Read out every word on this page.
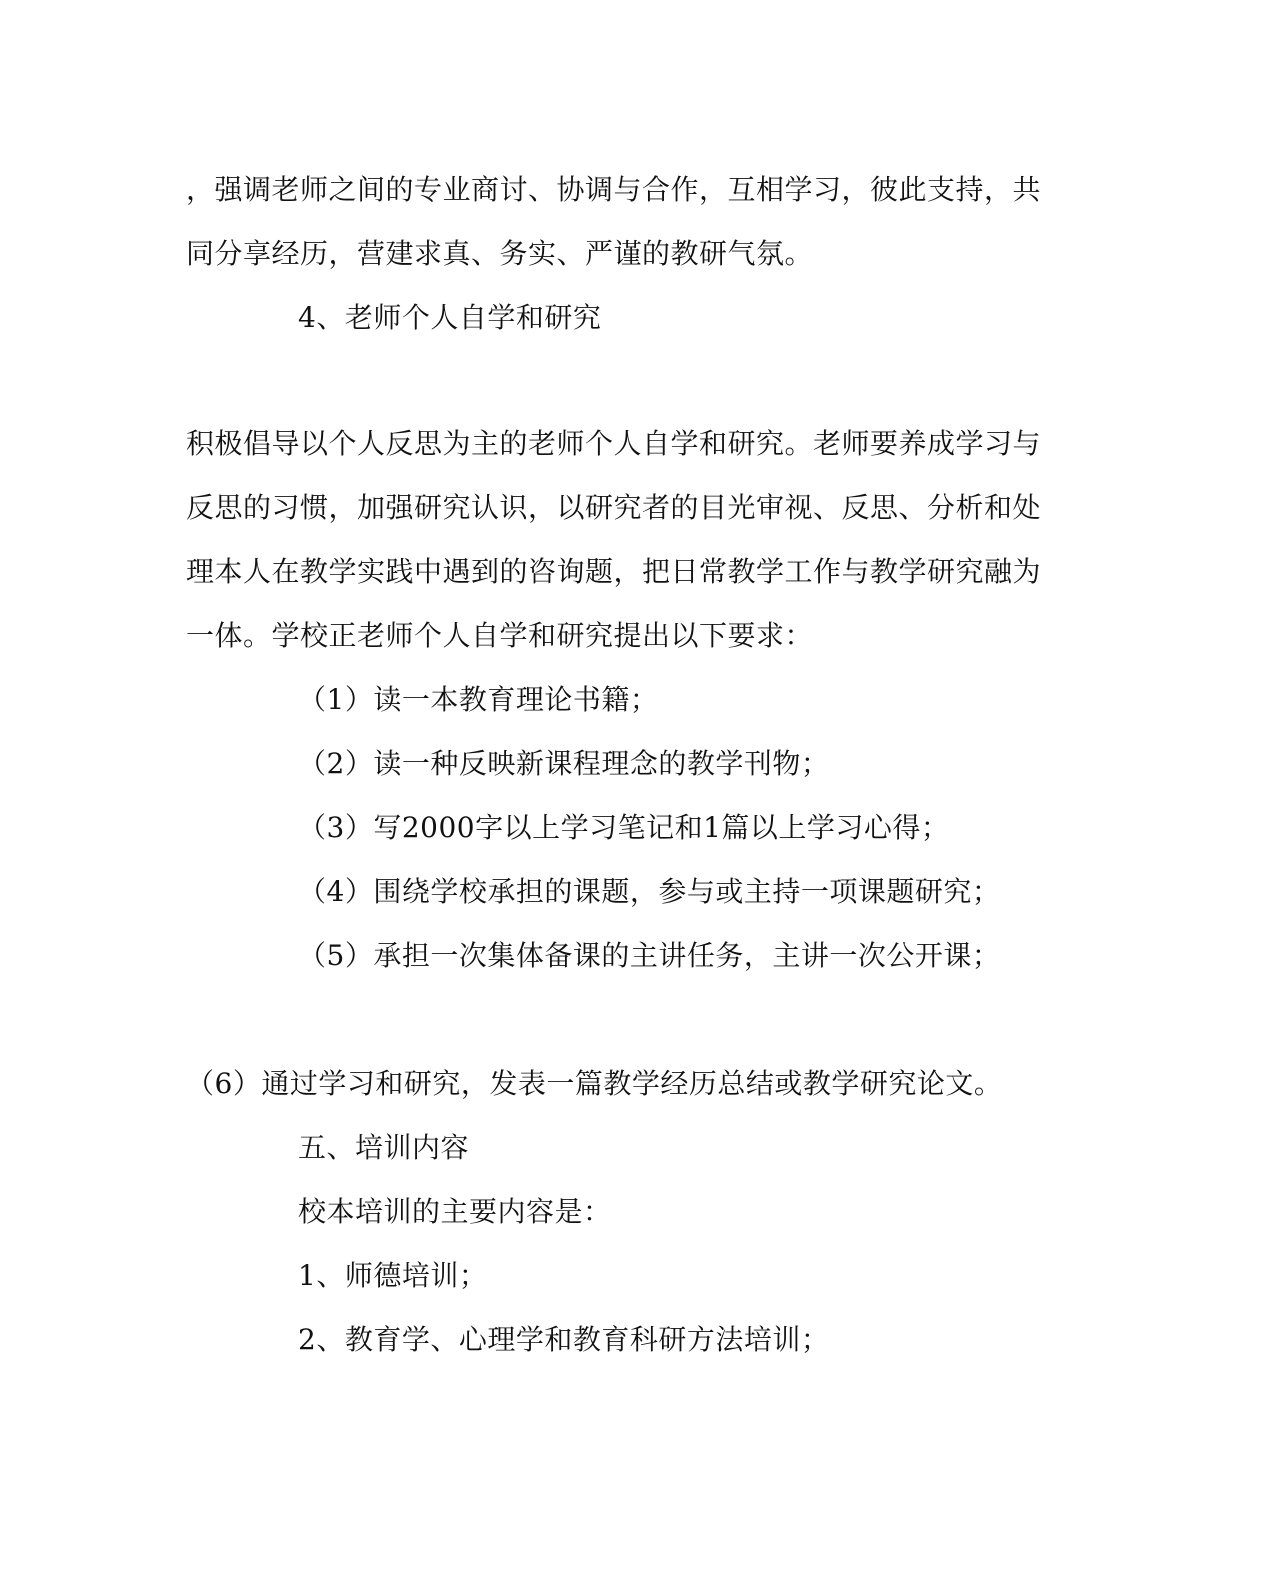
，强调老师之间的专业商讨、协调与合作，互相学习，彼此支持，共
同分享经历，营建求真、务实、严谨的教研气氛。
4、老师个人自学和研究
积极倡导以个人反思为主的老师个人自学和研究。老师要养成学习与
反思的习惯，加强研究认识，以研究者的目光审视、反思、分析和处
理本人在教学实践中遇到的咨询题，把日常教学工作与教学研究融为
一体。学校正老师个人自学和研究提出以下要求：
（1）读一本教育理论书籍；
（2）读一种反映新课程理念的教学刊物；
（3）写2000字以上学习笔记和1篇以上学习心得；
（4）围绕学校承担的课题，参与或主持一项课题研究；
（5）承担一次集体备课的主讲任务，主讲一次公开课；
（6）通过学习和研究，发表一篇教学经历总结或教学研究论文。
五、培训内容
校本培训的主要内容是：
1、师德培训；
2、教育学、心理学和教育科研方法培训；
